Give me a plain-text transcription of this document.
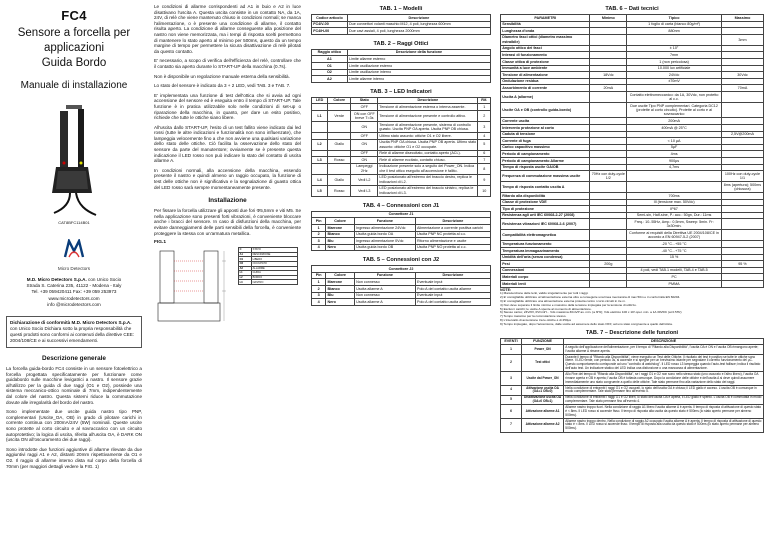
FC4
Sensore a forcella per
applicazioni
Guida Bordo
Manuale di installazione
CAT8BFC114B01
Micro Detectors
M.D. Micro Detectors S.p.A. con Unico Socio
Strada S. Caterina 235, 41122 - Modena - Italy
Tel. +39 059420411 Fax: +39 059 253973
www.microdetectors.com
info @microdetectors.com
Dichiarazione di conformità M.D. Micro Detectors S.p.A. con Unico Socio Dichiara sotto la propria responsabilità che questi prodotti sono conformi ai contenuti della direttive CEE: 2004/108/CE e ai successivi emendamenti.
Descrizione generale

La forcella guida-bordo FC4 consiste in un sensore fotoelettrico a forcella progettata specificatamente per funzionare come guidabordo sulle macchine levigatrici a nastro. Il sensore grazie all'utilizzo per la guida di due raggi (O1 e O2), possiede una sistema meccanico-ottico nominale di 7mm, indipendentemente dal colore del nastro. Questa sistemi riduce la commutazione dovute alle irregolarità del bordo del nastro.

Sono implementate due uscite guida nastro tipo PNP, complementari (Uscite_OA, OB) in grado di pilotare carichi in corrente continua con 200mA/24V (5W) nominali. Queste uscite sono protette al corto circuito e al sovraccarico con un circuito autoprotettivo; la logica di uscita, riferita all'uscita OA, è DARK ON (uscita ON all'oscuramento dei due raggi).

Sono introdotte due funzioni aggiuntive di allarme rilevate da due aggiuntivi raggi A1 e A2, distanti 20mm rispettivamente da O1 e O2. Il raggio di allarme interno dista sul corpo della forcella di 70mm (per maggiori dettagli vedere la FIG. 1)

Le condizioni di allarme corrispondenti ad A1 in buio e A2 in luce disattivano l'uscita A. Questa uscita consiste in un contatto NA, da 1A, 24V, di relè che viene mantenuto chiuso in condizioni normali; se manca l'alimentazione, o è presente una condizione di allarme, il contatto risulta aperto. La condizione di allarme conseguente alla posizione del nastro non viene memorizzata, ma i tempi di risposta scelti permettono di mantenere lo stato aperto al minimo per 500ms, questo da un tempo margine di tempo per permettere la sicura disattivazione di relè pilotati da questo contatto.

E' necessario, a scopo di verifica dell'efficienza del relè, controllare che il contatto sia aperto durante lo START-UP della macchina (0.7s).

Non è disponibile un regolazione manuale esterna della sensibilità.

Lo stato del sensore è indicato da 3 + 2 LED, vedi TAB. 3 e TAB. 7.

E' implementata una funzione di test dell'ottica che si avvia ad ogni accensione del sensore ed è eseguita entro il tempo di START-UP. Tale funzione è in pratica utilizzabile solo nelle condizioni di set-up o riparazione della macchina, in quanto, per dare un esito positivo, richiede che tutte le ottiche siano libere.

All'uscita dallo START-UP, l'esito di un test fallito viene indicato dai led rossi (tutte le altre indicazioni e funzionalità non sono influenzate), che lampeggia velocemente fino a che non avviene una qualsiasi variazione dello stato delle ottiche. Ciò facilita la osservazione dello stato del sensore da parte del manutentore; ovviamente se è presente questa indicazione il LED rosso non può indicare lo stato del contatto di uscita allarme A.

In condizioni normali, alla accensione della macchina, essendo presente il nastro e quindi almeno un raggio occupato, la funzione di test delle ottiche non è significativa e la segnalazione di guasto ottica del LED rosso sarà sempre momentaneamente presente.

Installazione

Per fissare la forcella utilizzare gli apposti due fori Φ5,5mm e viti M5. Se nella applicazione sono presenti forti vibrazioni, è conveniente bloccare anche i bracci del sensore. In caso di disfunzioni della macchina, per evitare danneggiamenti delle parti sensibili della forcella, è conveniente proteggere la stessa con un'armatura metallica.

FIG.1
C	STATO
A1	DESCRIZIONE
O1	LIBERO
O2	OCCUPATO
A2	ALLARME
L1	GUIDA
L2	BORDO
L3	NASTRO
TAB. 1 – Modelli
Codice articolo	Descrizione
FC4/V-00	Due connettori volanti maschio M12, 4 poli, lunghezza 600mm
FC4/H-00	Due cavi assiali, 4 poli, lunghezza 2000mm
TAB. 2 – Raggi Ottici
Raggio ottico	Descrizione della funzione
A1	Limite allarme esterno
O1	Limite oscillazione esterno
O2	Limite oscillazione interno
A2	Limite allarme interno
TAB. 3 – LED Indicatori
LED	Colore	Stato	Descrizione	Rif.
		OFF	Tensione di alimentazione esterna o interna assente.	1
L1	Verde	ON con OFF breve T=3s	Tensione di alimentazione presente e controllo attivo.	2
		ON	Tensione di alimentazione presente, sistema di controllo guasto. Uscita PNP OA aperta. Uscita PNP OB chiusa.	3
		OFF	Ultimo stato assunto: ottiche O1 e O2 libere.	4
L2	Giallo	ON	Uscita PNP OA chiusa. Uscita PNP OB aperta. Ultimo stato assunto: ottiche O1 e O2 occupate.	5
		OFF	Relè di allarme diseccitato, contatto aperto (ACL).	6
L3	Rosso	ON	Relè di allarme eccitato, contatto chiuso.	7
		Lampeggi 2Hz	Indicazione presente solo a seguito del Power_ON. Indica che il test ottico eseguito all'accensione è fallito.	8
L4	Giallo	Vedi L2	LED posizionato all'estremo del braccio destro, replica le indicazioni di L2.	9
L5	Rosso	Vedi L3	LED posizionato all'estremo del braccio sinistro, replica le indicazioni di L3.	10
TAB. 4 – Connessioni con J1
Connettore J1			
Pin	Colore	Funzione	Descrizione
1	Marrone	Ingresso alimentazione 24Vdc	Alimentazione a corrente positiva carichi
2	Bianco	Uscita guida bordo OA	Uscita PNP NC protetta al c.c.
3	Blu	Ingresso alimentazione 0Vdc	Ritorno alimentazione e uscite
4	Nero	Uscita guida bordo OB	Uscita PNP NO protetta al c.c.
TAB. 5 – Connessioni con J2
Connettore J2			
Pin	Colore	Funzione	Descrizione
1	Marrone	Non connesso	Eventuale input
2	Bianco	Uscita allarme A	Polo A del contatto uscita allarme
3	Blu	Non connesso	Eventuale input
4	Nero	Uscita allarme A	Polo A del contatto uscita allarme
TAB. 6 – Dati tecnici
PARAMETRI	Minimo	Tipico	Massimo
Sensibilità		1 foglio di carta (bianco 80g/m²)	
Lunghezza d'onda		880nm	
Diametro fasci ottici (diametro massimo estraibile)			3mm
Angolo ottico dei fasci		± 10°	
Interasi di funzionamento		7mm	
Classe ottica di protezione		1 (non pericolosa)	
Immunità a luce ambiente		10.000 lux artificiale	
Tensione di alimentazione	18Vdc	24Vdc	30Vdc
Ondulazione residua		±70mV	
Assorbimento di corrente	20mA		70mA
Uscita A (allarme)		Contatto elettromeccanico: da 1A, 30Vdc, non protetto al c.c.	
Uscite OA e OB (controllo guida-bordo)		Due uscite Tipo PNP complementari. Categoria DC12 (protette al corto circuito). Protette al corto e al sovraccarico	
Corrente uscita		200mA	
Intervento protezione al corto		400mA @ 25°C	
Caduta di tensione			2,5V@200mA
Corrente di fuga		< 10 µA	
Carico capacitivo massimo		5µF	
Periodo di campionamento		4ms	
Periodo di campionamento Allarme		900µs	
Tempo di risposta uscite OA/OB		4,7ms	
Frequenza di commutazione massima uscite	70Hz con duty-cycle 1/2		100Hz con duty-cycle 1/1
Tempo di risposta contatto uscita A			8ms (apertura); 500ms (chiusura)
Ritardo alla disponibilità		700ms	
Classe di protezione VDE		III (tensione max. 50Vdc)	
Tipo di protezione		IP67	
Resistenza agli urti IEC 60068-2-27 (2008)		Semi-sin, Half-sine, P.: acc.: 50gn, Dur.: 11ms	
Resistenza vibrazioni IEC 60068-2-6 (2007)		Freq.: 10..55Hz, Amp.: 0,5mm, Sweep: 5min. Fr: 3x30min.	
Compatibilità elettromagnetica		Conforme ai requisiti della Direttiva UE 2004/108/CE in accordo a EN 60947-5-2 (2007)	
Temperatura funzionamento		-20 °C...+55 °C	
Temperatura immagazzinamento		-40 °C...+75 °C	
Umidità dell'aria (senza condensa)		15 %	
Pesi	200g		95 %
Connessioni		4 poli, vedi TAB.1 modelli, TAB.4 e TAB.5	
Materiali corpo		PC	
Materiali lenti		PMMA	
NOTE:
1) Manutenzione delle lenti, valido singolarmente per tutti i raggi.
2) E' consigliabile utilizzare un'alimentazione esterna oltre a conseguire una linea meccanica di max 50m e in conformità EN 60204.
3) E' consigliabile utilizzare una alimentazione esterna protetta contro i corto circuiti in tre m.
4) Non deve superare il limite minimo e massimo della tensione impiegata per la tensione di utilizzo.
5) Esclusi i carichi; le uscite A spente al momento di alimentazione.
6) Stesso carico; 24V/0V, 0V/1mH... Vds massima 30mVP as. min. (a 3Hz); Vds elettrico 100 x 10³ oper. min. a 1A 30VDC (at 0.5Hz)
7) Tempo massimo per la commutazione stesso.
8) L'intervallo di accensione tra le ottiche è di 250µs
9) Tempo impiegato, dopo l'accensione, dalle uscite ad assumere dello stato OFF; ad uno stato congruente a quello dell'ottica.
TAB. 7 – Descrizione delle funzioni
EVENTI	FUNZIONE	DESCRIZIONE
1	Power_ON	A seguito dell'applicazione dell'alimentazione, per il tempo di "Ritardo alla Disponibilità", l'uscita OA è ON e l'uscita OB rimangono aperte; l'uscita allarme A rimane aperta.
2	Test ottici	Durante il tempo di "Ritardo alla Disponibilità", viene eseguito un Test delle Ottiche. Il risultato del test è positivo se tutte le ottiche sono libere. Il LED verde, con periodo 3s, si accende e si spegne per un brevissimo istante per segnalare il corretto funzionamento del µC. Questo comportamento corrisponde ad uno "controllo di watchdog". Il LED rosso L3 lampeggia quando l'auto-test fallisce; indica il risultato dell'auto test. Un indicatore statico del LED indica una disfunzione o una mancanza di alimentazione.
3	Uscite dal Power_ON	Allo Fine del tempo di "Ritardo alla Disponibilità", se i raggi O1 e O2 non sono nello stesso stato (uno oscurato e l'altro libero), l'uscita OA rimane aperta e OB è aperta; l'uscita OB è tuttavia comunque. Dopo la condizione delle ottiche e dell'uscita A si deve quindi assumere immediatamente uno stato congruente a quello delle ottiche. Tale stato permane fino alla variazione dello stato dei raggi.
4	Attivazione uscita OA (OA=1 OB=0)	Nella condizione di entrambi i raggi O1 e O2 oscurati, lo stato dell'uscita OA è chiusa; il LED giallo è acceso. L'uscita OB è comunque in modo complementare. Tale stato permane fino all'evento 5.
5	Disattivazione uscita OA (OA=0 OB=1)	Nella condizione di entrambi i raggi O1 e O2 liberi, lo stato dell'uscita OA è aperta, il LED giallo è spento. L'uscita OB è commutata in modo complementare. Tale stato permane fino all'evento 4.
6	Attivazione allarme A1	Allarme nastro troppo fuori. Nella condizione di raggio A1 libero l'uscita allarme A è aperta. Il tempo di risposta di attivazione di questo stato è < 8ms. Il LED rosso si accende fisso. Il tempo di risposta alla uscita da questo stato è 500ms (lo stato aperto permane per almeno 500ms).
7	Attivazione allarme A2	Allarme nastro troppo dentro. Nella condizione di raggio A2 occupato l'uscita allarme A è aperta. Il tempo di risposta di attivazione di questo stato è < 8ms. Il LED rosso si accende fisso. Il tempo di risposta alla uscita da questo stato è 500ms (lo stato aperto permane per almeno 500ms).
